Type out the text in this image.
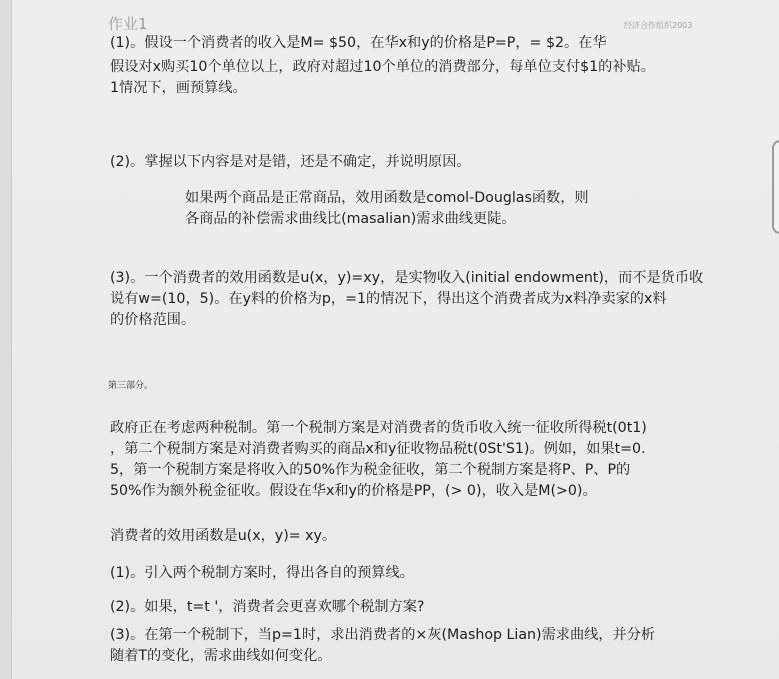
作业1	经济合作组织2003
(1)。假设一个消费者的收入是M= $50，在华x和y的价格是P=P，= $2。在华
假设对x购买10个单位以上，政府对超过10个单位的消费部分，每单位支付$1的补贴。
1情况下，画预算线。
(2)。掌握以下内容是对是错，还是不确定，并说明原因。
如果两个商品是正常商品，效用函数是comol-Douglas函数，则
各商品的补偿需求曲线比(masalian)需求曲线更陡。
(3)。一个消费者的效用函数是u(x，y)=xy，是实物收入(initial endowment)，而不是货币收
说有w=(10，5)。在y料的价格为p，=1的情况下，得出这个消费者成为x料净卖家的x料
的价格范围。
第三部分。
政府正在考虑两种税制。第一个税制方案是对消费者的货币收入统一征收所得税t(0t1)
，第二个税制方案是对消费者购买的商品x和y征收物品税t(0St'S1)。例如，如果t=0.
5，第一个税制方案是将收入的50%作为税金征收，第二个税制方案是将P、P、P的
50%作为额外税金征收。假设在华x和y的价格是PP，(> 0)，收入是M(>0)。
消费者的效用函数是u(x，y)= xy。
(1)。引入两个税制方案时，得出各自的预算线。
(2)。如果，t=t '，消费者会更喜欢哪个税制方案?
(3)。在第一个税制下，当p=1时，求出消费者的×灰(Mashop Lian)需求曲线，并分析
随着T的变化，需求曲线如何变化。
